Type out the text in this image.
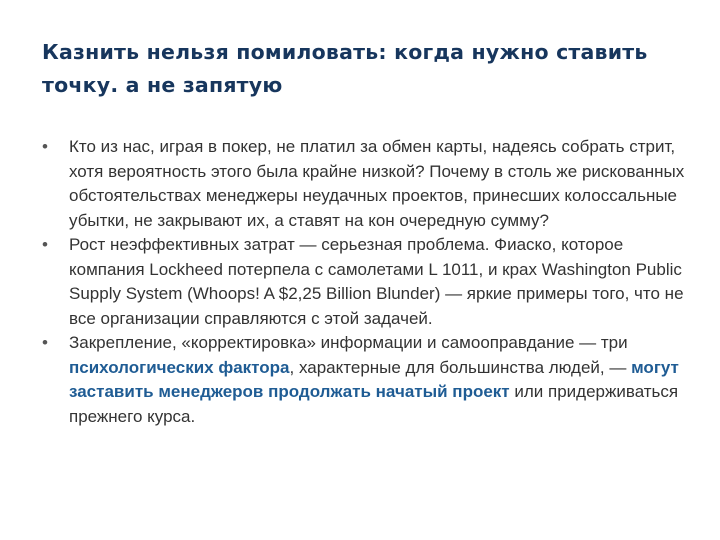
Казнить нельзя помиловать: когда нужно ставить точку. а не запятую
• Кто из нас, играя в покер, не платил за обмен карты, надеясь собрать стрит, хотя вероятность этого была крайне низкой? Почему в столь же рискованных обстоятельствах менеджеры неудачных проектов, принесших колоссальные убытки, не закрывают их, а ставят на кон очередную сумму?
• Рост неэффективных затрат — серьезная проблема. Фиаско, которое компания Lockheed потерпела с самолетами L 1011, и крах Washington Public Supply System (Whoops! A $2,25 Billion Blunder) — яркие примеры того, что не все организации справляются с этой задачей.
• Закрепление, «корректировка» информации и самооправдание — три психологических фактора, характерные для большинства людей, — могут заставить менеджеров продолжать начатый проект или придерживаться прежнего курса.
